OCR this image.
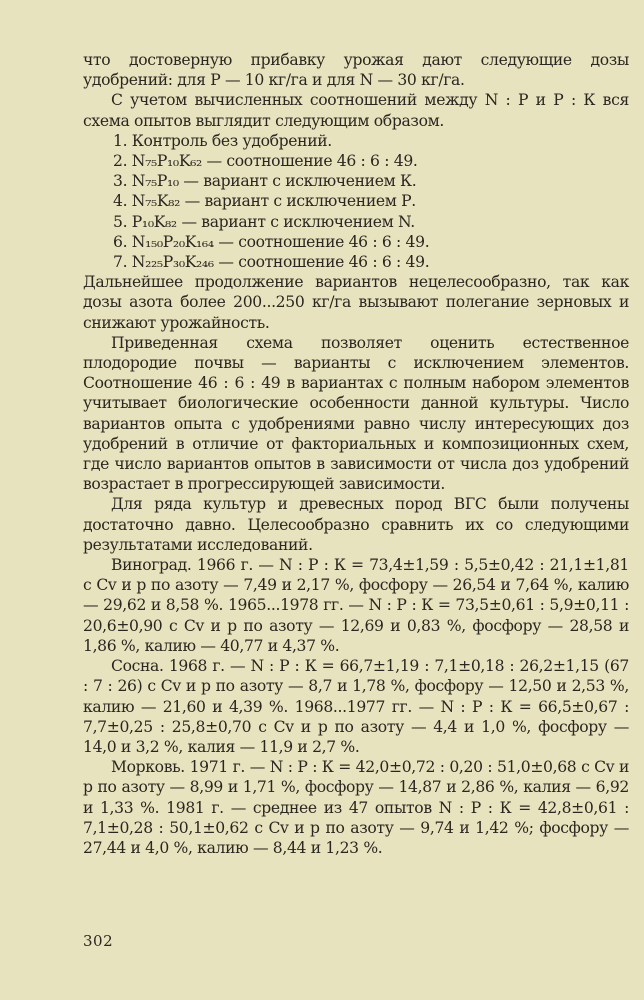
что достоверную прибавку урожая дают следующие дозы удобрений: для Р — 10 кг/га и для N — 30 кг/га.

С учетом вычисленных соотношений между N : Р и Р : К вся схема опытов выглядит следующим образом.

1. Контроль без удобрений.
2. N₇₅P₁₀K₆₂ — соотношение 46 : 6 : 49.
3. N₇₅P₁₀ — вариант с исключением К.
4. N₇₅K₈₂ — вариант с исключением Р.
5. P₁₀K₈₂ — вариант с исключением N.
6. N₁₅₀P₂₀K₁₆₄ — соотношение 46 : 6 : 49.
7. N₂₂₅P₃₀K₂₄₆ — соотношение 46 : 6 : 49.

Дальнейшее продолжение вариантов нецелесообразно, так как дозы азота более 200...250 кг/га вызывают полегание зерновых и снижают урожайность.

Приведенная схема позволяет оценить естественное плодородие почвы — варианты с исключением элементов. Соотношение 46 : 6 : 49 в вариантах с полным набором элементов учитывает биологические особенности данной культуры. Число вариантов опыта с удобрениями равно числу интересующих доз удобрений в отличие от факториальных и композиционных схем, где число вариантов опытов в зависимости от числа доз удобрений возрастает в прогрессирующей зависимости.

Для ряда культур и древесных пород ВГС были получены достаточно давно. Целесообразно сравнить их со следующими результатами исследований.

Виноград. 1966 г. — N : Р : К = 73,4±1,59 : 5,5±0,42 : 21,1±1,81 с Cv и p по азоту — 7,49 и 2,17 %, фосфору — 26,54 и 7,64 %, калию — 29,62 и 8,58 %. 1965...1978 гг. — N : Р : К = 73,5±0,61 : 5,9±0,11 : 20,6±0,90 с Cv и p по азоту — 12,69 и 0,83 %, фосфору — 28,58 и 1,86 %, калию — 40,77 и 4,37 %.

Сосна. 1968 г. — N : Р : К = 66,7±1,19 : 7,1±0,18 : 26,2±1,15 (67 : 7 : 26) с Cv и p по азоту — 8,7 и 1,78 %, фосфору — 12,50 и 2,53 %, калию — 21,60 и 4,39 %. 1968...1977 гг. — N : Р : К = 66,5±0,67 : 7,7±0,25 : 25,8±0,70 с Cv и p по азоту — 4,4 и 1,0 %, фосфору — 14,0 и 3,2 %, калия — 11,9 и 2,7 %.

Морковь. 1971 г. — N : Р : К = 42,0±0,72 : 0,20 : 51,0±0,68 с Cv и p по азоту — 8,99 и 1,71 %, фосфору — 14,87 и 2,86 %, калия — 6,92 и 1,33 %. 1981 г. — среднее из 47 опытов N : Р : К = 42,8±0,61 : 7,1±0,28 : 50,1±0,62 с Cv и p по азоту — 9,74 и 1,42 %; фосфору — 27,44 и 4,0 %, калию — 8,44 и 1,23 %.

302
